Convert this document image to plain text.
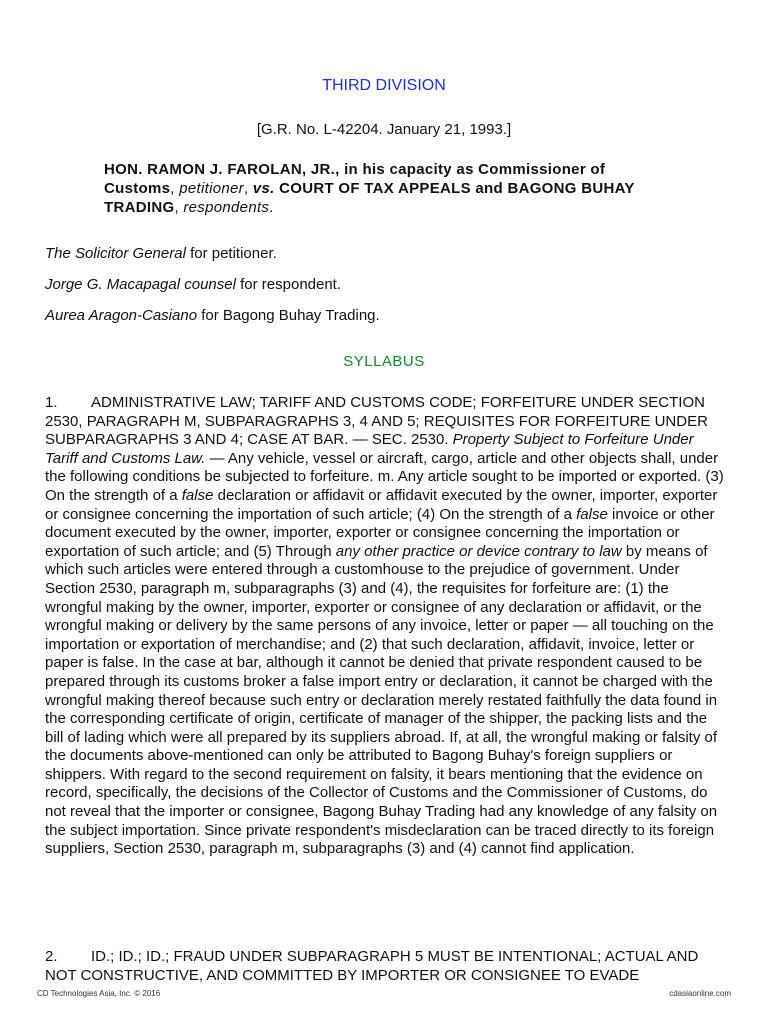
THIRD DIVISION
[G.R. No. L-42204. January 21, 1993.]
HON. RAMON J. FAROLAN, JR., in his capacity as Commissioner of Customs, petitioner, vs. COURT OF TAX APPEALS and BAGONG BUHAY TRADING, respondents.
The Solicitor General for petitioner.
Jorge G. Macapagal counsel for respondent.
Aurea Aragon-Casiano for Bagong Buhay Trading.
SYLLABUS
1. ADMINISTRATIVE LAW; TARIFF AND CUSTOMS CODE; FORFEITURE UNDER SECTION 2530, PARAGRAPH M, SUBPARAGRAPHS 3, 4 AND 5; REQUISITES FOR FORFEITURE UNDER SUBPARAGRAPHS 3 AND 4; CASE AT BAR. — SEC. 2530. Property Subject to Forfeiture Under Tariff and Customs Law. — Any vehicle, vessel or aircraft, cargo, article and other objects shall, under the following conditions be subjected to forfeiture. m. Any article sought to be imported or exported. (3) On the strength of a false declaration or affidavit or affidavit executed by the owner, importer, exporter or consignee concerning the importation of such article; (4) On the strength of a false invoice or other document executed by the owner, importer, exporter or consignee concerning the importation or exportation of such article; and (5) Through any other practice or device contrary to law by means of which such articles were entered through a customhouse to the prejudice of government. Under Section 2530, paragraph m, subparagraphs (3) and (4), the requisites for forfeiture are: (1) the wrongful making by the owner, importer, exporter or consignee of any declaration or affidavit, or the wrongful making or delivery by the same persons of any invoice, letter or paper — all touching on the importation or exportation of merchandise; and (2) that such declaration, affidavit, invoice, letter or paper is false. In the case at bar, although it cannot be denied that private respondent caused to be prepared through its customs broker a false import entry or declaration, it cannot be charged with the wrongful making thereof because such entry or declaration merely restated faithfully the data found in the corresponding certificate of origin, certificate of manager of the shipper, the packing lists and the bill of lading which were all prepared by its suppliers abroad. If, at all, the wrongful making or falsity of the documents above-mentioned can only be attributed to Bagong Buhay's foreign suppliers or shippers. With regard to the second requirement on falsity, it bears mentioning that the evidence on record, specifically, the decisions of the Collector of Customs and the Commissioner of Customs, do not reveal that the importer or consignee, Bagong Buhay Trading had any knowledge of any falsity on the subject importation. Since private respondent's misdeclaration can be traced directly to its foreign suppliers, Section 2530, paragraph m, subparagraphs (3) and (4) cannot find application.
2. ID.; ID.; ID.; FRAUD UNDER SUBPARAGRAPH 5 MUST BE INTENTIONAL; ACTUAL AND NOT CONSTRUCTIVE, AND COMMITTED BY IMPORTER OR CONSIGNEE TO EVADE
CD Technologies Asia, Inc. © 2016	cdasiaonline.com
